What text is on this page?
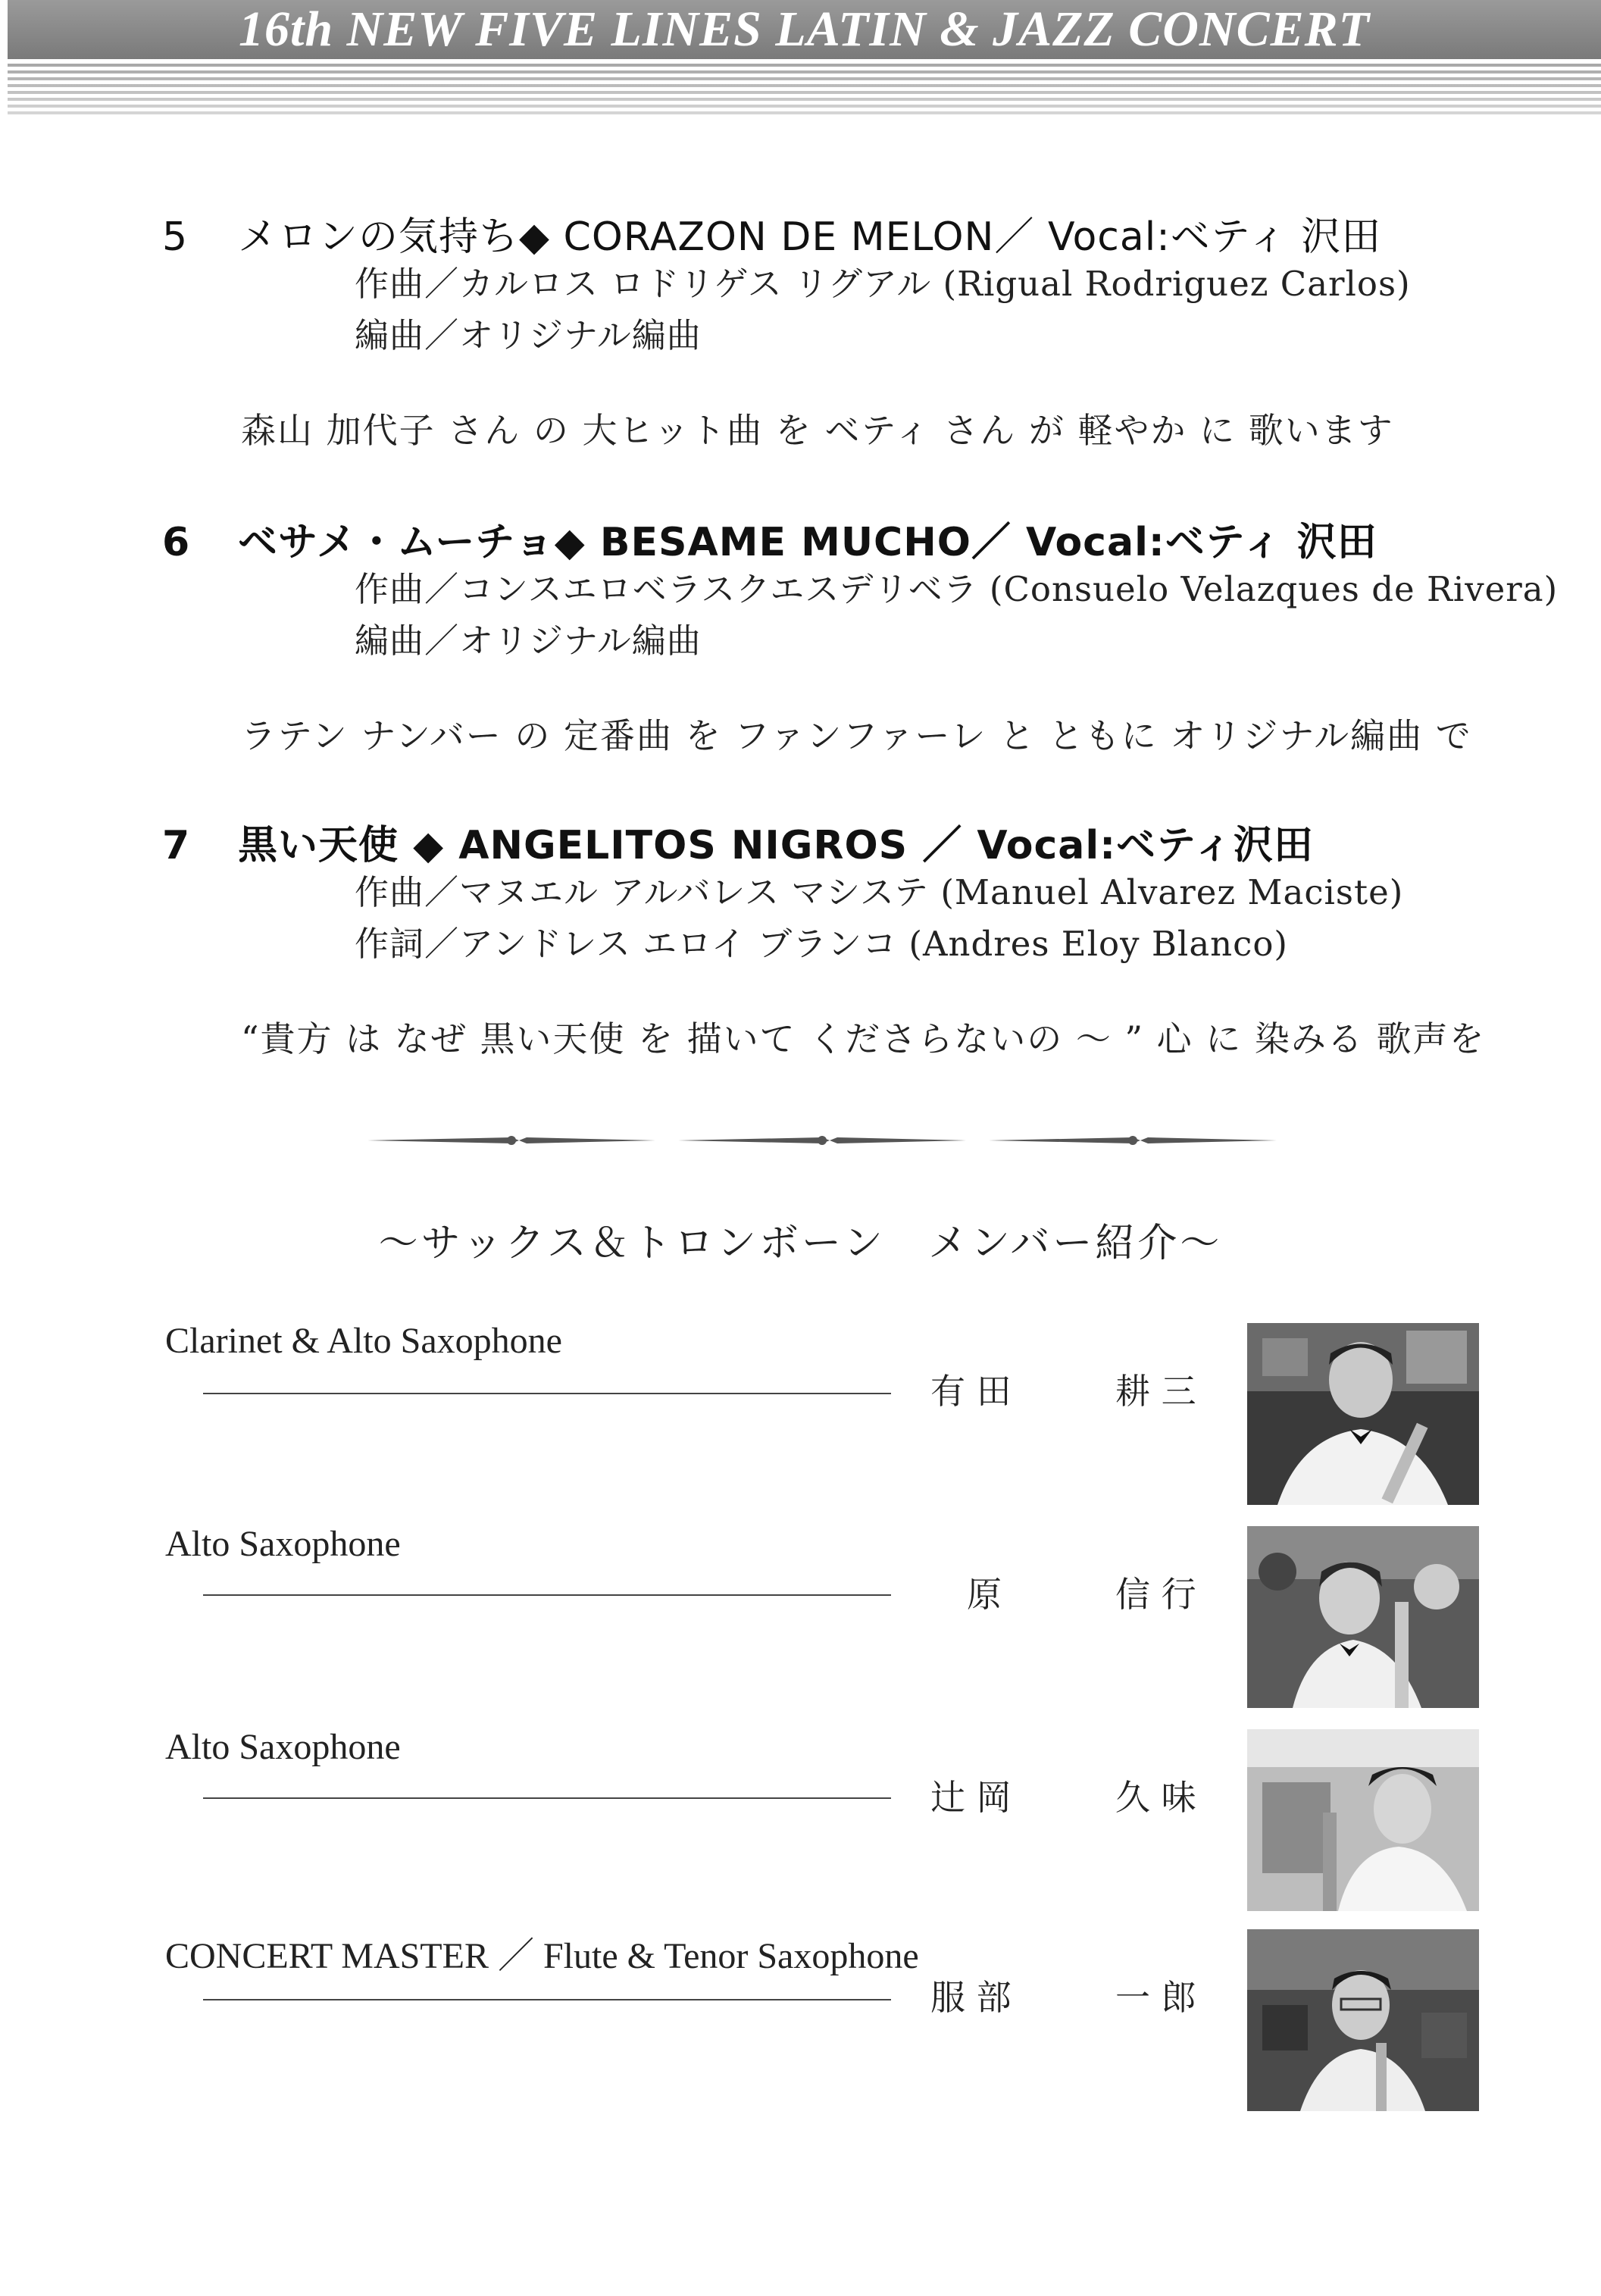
16th NEW FIVE LINES LATIN & JAZZ CONCERT
5 メロンの気持ち◆ CORAZON DE MELON／ Vocal:ベティ 沢田
作曲／カルロス ロドリゲス リグアル (Rigual Rodriguez Carlos)
編曲／オリジナル編曲
森山 加代子 さん の 大ヒット曲 を ベティ さん が 軽やか に 歌います
6 ベサメ・ムーチョ◆ BESAME MUCHO／ Vocal:ベティ 沢田
作曲／コンスエロベラスクエスデリベラ (Consuelo Velazques de Rivera)
編曲／オリジナル編曲
ラテン ナンバー の 定番曲 を ファンファーレ と ともに オリジナル編曲 で
7 黒い天使 ◆ ANGELITOS NIGROS ／ Vocal:ベティ沢田
作曲／マヌエル アルバレス マシステ (Manuel Alvarez Maciste)
作詞／アンドレス エロイ ブランコ (Andres Eloy Blanco)
“貴方 は なぜ 黒い天使 を 描いて くださらないの ～ ” 心 に 染みる 歌声を
～サックス＆トロンボーン　メンバー紹介～
Clarinet & Alto Saxophone
有 田	耕 三
Alto Saxophone
原	信 行
Alto Saxophone
辻 岡	久 味
CONCERT MASTER ／ Flute & Tenor Saxophone
服 部	一 郎
